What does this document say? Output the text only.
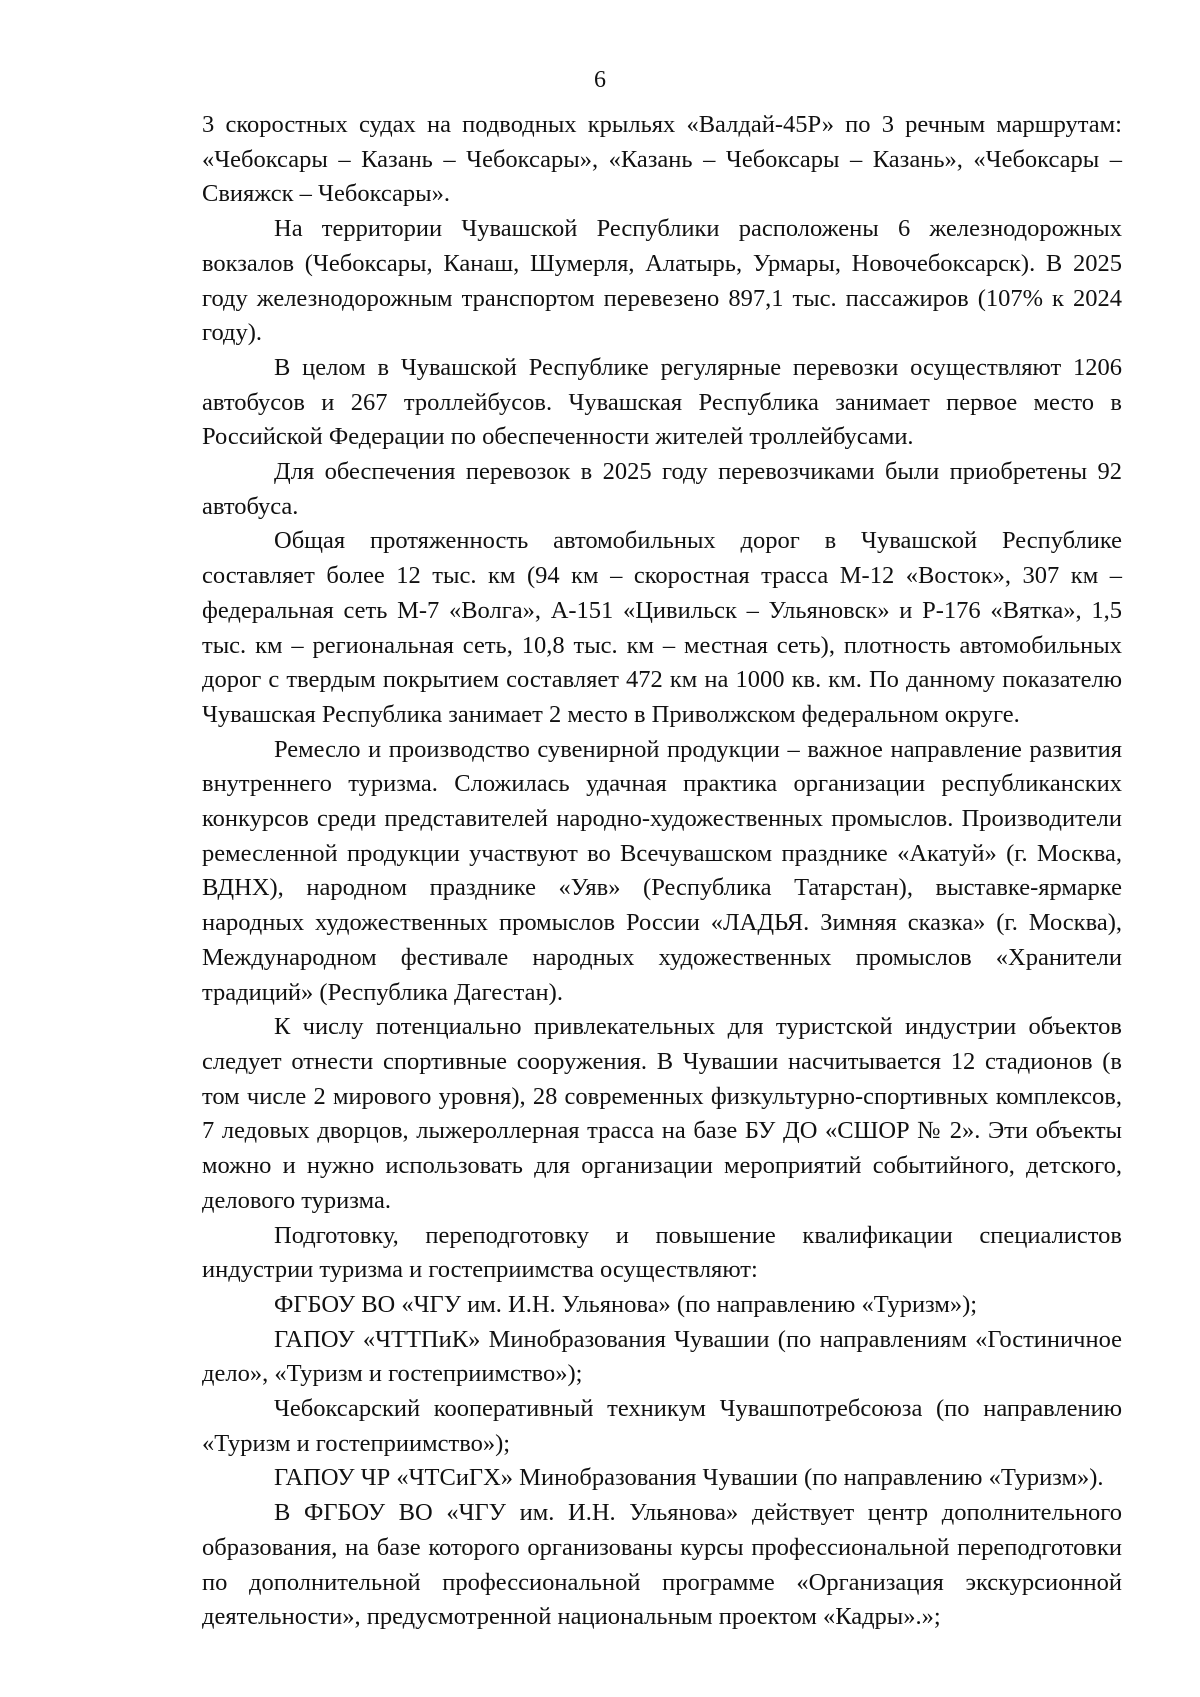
6

3 скоростных судах на подводных крыльях «Валдай-45Р» по 3 речным маршрутам: «Чебоксары – Казань – Чебоксары», «Казань – Чебоксары – Казань», «Чебоксары – Свияжск – Чебоксары».

На территории Чувашской Республики расположены 6 железнодорожных вокзалов (Чебоксары, Канаш, Шумерля, Алатырь, Урмары, Новочебоксарск). В 2025 году железнодорожным транспортом перевезено 897,1 тыс. пассажиров (107% к 2024 году).

В целом в Чувашской Республике регулярные перевозки осуществляют 1206 автобусов и 267 троллейбусов. Чувашская Республика занимает первое место в Российской Федерации по обеспеченности жителей троллейбусами.

Для обеспечения перевозок в 2025 году перевозчиками были приобретены 92 автобуса.

Общая протяженность автомобильных дорог в Чувашской Республике составляет более 12 тыс. км (94 км – скоростная трасса М-12 «Восток», 307 км – федеральная сеть М-7 «Волга», А-151 «Цивильск – Ульяновск» и Р-176 «Вятка», 1,5 тыс. км – региональная сеть, 10,8 тыс. км – местная сеть), плотность автомобильных дорог с твердым покрытием составляет 472 км на 1000 кв. км. По данному показателю Чувашская Республика занимает 2 место в Приволжском федеральном округе.

Ремесло и производство сувенирной продукции – важное направление развития внутреннего туризма. Сложилась удачная практика организации республиканских конкурсов среди представителей народно-художественных промыслов. Производители ремесленной продукции участвуют во Всечувашском празднике «Акатуй» (г. Москва, ВДНХ), народном празднике «Уяв» (Республика Татарстан), выставке-ярмарке народных художественных промыслов России «ЛАДЬЯ. Зимняя сказка» (г. Москва), Международном фестивале народных художественных промыслов «Хранители традиций» (Республика Дагестан).

К числу потенциально привлекательных для туристской индустрии объектов следует отнести спортивные сооружения. В Чувашии насчитывается 12 стадионов (в том числе 2 мирового уровня), 28 современных физкультурно-спортивных комплексов, 7 ледовых дворцов, лыжероллерная трасса на базе БУ ДО «СШОР № 2». Эти объекты можно и нужно использовать для организации мероприятий событийного, детского, делового туризма.

Подготовку, переподготовку и повышение квалификации специалистов индустрии туризма и гостеприимства осуществляют:

ФГБОУ ВО «ЧГУ им. И.Н. Ульянова» (по направлению «Туризм»);

ГАПОУ «ЧТТПиК» Минобразования Чувашии (по направлениям «Гостиничное дело», «Туризм и гостеприимство»);

Чебоксарский кооперативный техникум Чувашпотребсоюза (по направлению «Туризм и гостеприимство»);

ГАПОУ ЧР «ЧТСиГХ» Минобразования Чувашии (по направлению «Туризм»).

В ФГБОУ ВО «ЧГУ им. И.Н. Ульянова» действует центр дополнительного образования, на базе которого организованы курсы профессиональной переподготовки по дополнительной профессиональной программе «Организация экскурсионной деятельности», предусмотренной национальным проектом «Кадры».»;
